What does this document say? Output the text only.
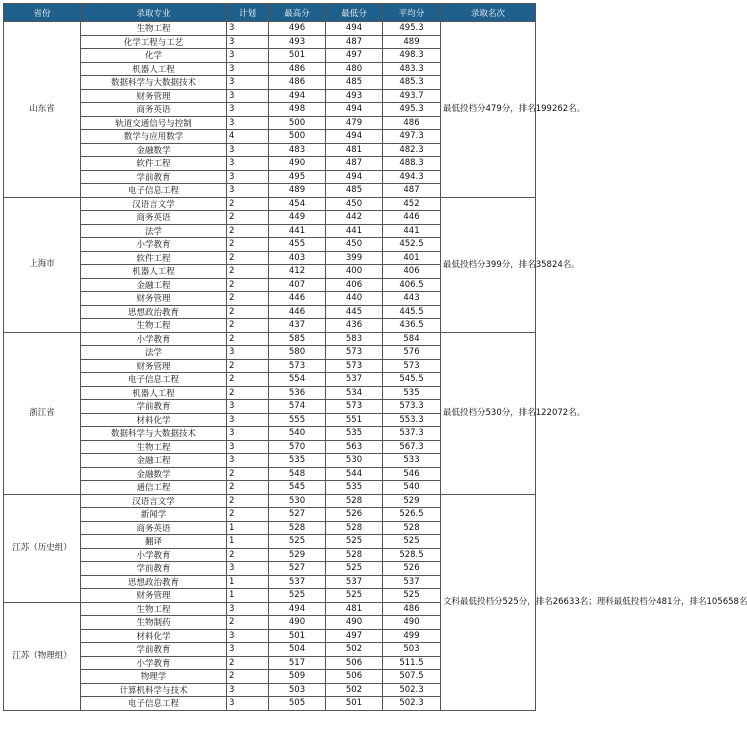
省份	录取专业	计划	最高分	最低分	平均分	录取名次
山东省	生物工程	3	496	494	495.3	最低投档分479分，排名199262名。
	化学工程与工艺	3	493	487	489	
	化学	3	501	497	498.3	
	机器人工程	3	486	480	483.3	
	数据科学与大数据技术	3	486	485	485.3	
	财务管理	3	494	493	493.7	
	商务英语	3	498	494	495.3	
	轨道交通信号与控制	3	500	479	486	
	数学与应用数学	4	500	494	497.3	
	金融数学	3	483	481	482.3	
	软件工程	3	490	487	488.3	
	学前教育	3	495	494	494.3	
	电子信息工程	3	489	485	487	
上海市	汉语言文学	2	454	450	452	最低投档分399分，排名35824名。
	商务英语	2	449	442	446	
	法学	2	441	441	441	
	小学教育	2	455	450	452.5	
	软件工程	2	403	399	401	
	机器人工程	2	412	400	406	
	金融工程	2	407	406	406.5	
	财务管理	2	446	440	443	
	思想政治教育	2	446	445	445.5	
	生物工程	2	437	436	436.5	
浙江省	小学教育	2	585	583	584	最低投档分530分，排名122072名。
	法学	3	580	573	576	
	财务管理	2	573	573	573	
	电子信息工程	2	554	537	545.5	
	机器人工程	2	536	534	535	
	学前教育	3	574	573	573.3	
	材料化学	3	555	551	553.3	
	数据科学与大数据技术	3	540	535	537.3	
	生物工程	3	570	563	567.3	
	金融工程	3	535	530	533	
	金融数学	2	548	544	546	
	通信工程	2	545	535	540	
江苏（历史组）	汉语言文学	2	530	528	529	文科最低投档分525分，排名26633名；理科最低投档分481分，排名105658名
	新闻学	2	527	526	526.5	
	商务英语	1	528	528	528	
	翻译	1	525	525	525	
	小学教育	2	529	528	528.5	
	学前教育	3	527	525	526	
	思想政治教育	1	537	537	537	
	财务管理	1	525	525	525	
江苏（物理组）	生物工程	3	494	481	486	
	生物制药	2	490	490	490	
	材料化学	3	501	497	499	
	学前教育	3	504	502	503	
	小学教育	2	517	506	511.5	
	物理学	2	509	506	507.5	
	计算机科学与技术	3	503	502	502.3	
	电子信息工程	3	505	501	502.3	
